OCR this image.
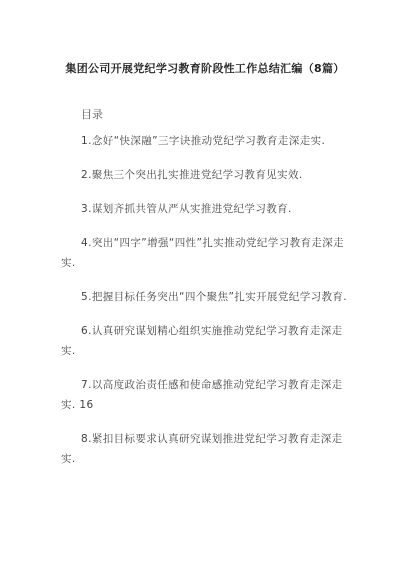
集团公司开展党纪学习教育阶段性工作总结汇编（8篇）
目录
1.念好“快深融”三字诀推动党纪学习教育走深走实.
2.聚焦三个突出扎实推进党纪学习教育见实效.
3.谋划齐抓共管从严从实推进党纪学习教育.
4.突出“四字”增强“四性”扎实推动党纪学习教育走深走实.
5.把握目标任务突出“四个聚焦”扎实开展党纪学习教育.
6.认真研究谋划精心组织实施推动党纪学习教育走深走实.
7.以高度政治责任感和使命感推动党纪学习教育走深走实. 16
8.紧扣目标要求认真研究谋划推进党纪学习教育走深走实.
